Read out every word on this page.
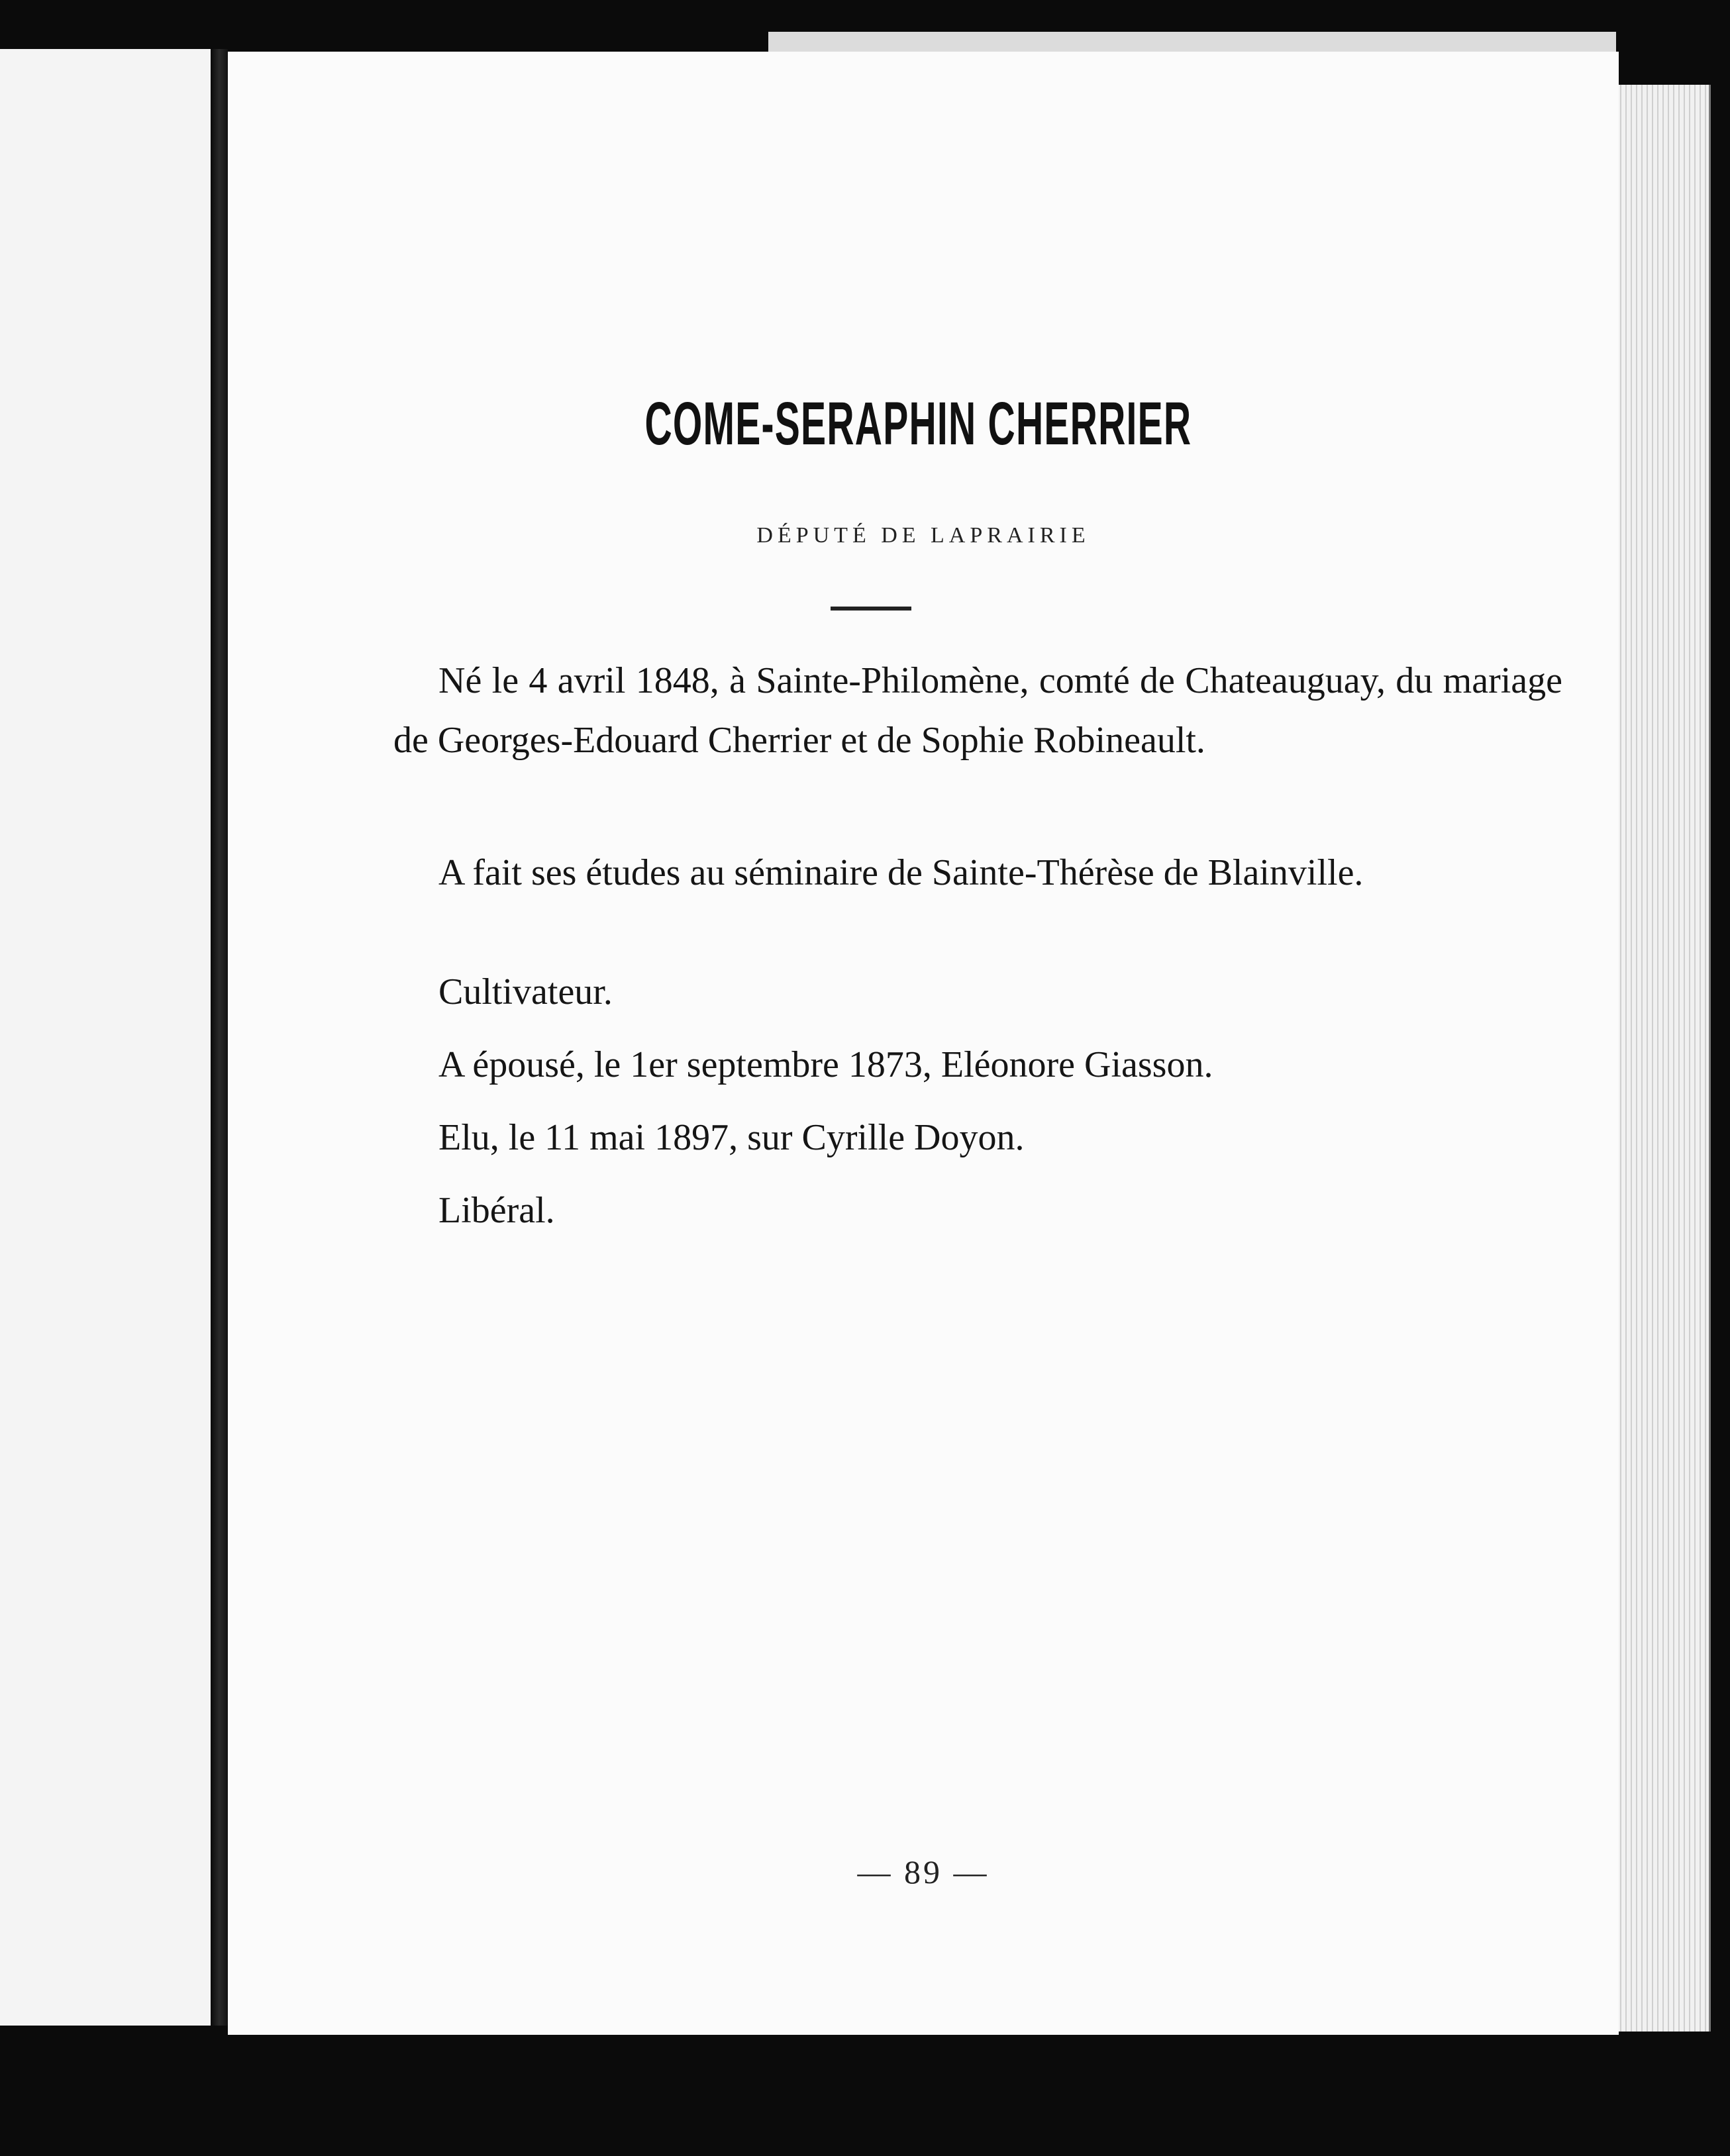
COME-SERAPHIN CHERRIER
DÉPUTÉ DE LAPRAIRIE
Né le 4 avril 1848, à Sainte-Philomène, comté de Chateauguay, du mariage de Georges-Edouard Cherrier et de Sophie Robineault.
A fait ses études au séminaire de Sainte-Thérèse de Blainville.
Cultivateur.
A épousé, le 1er septembre 1873, Eléonore Giasson.
Elu, le 11 mai 1897, sur Cyrille Doyon.
Libéral.
— 89 —
